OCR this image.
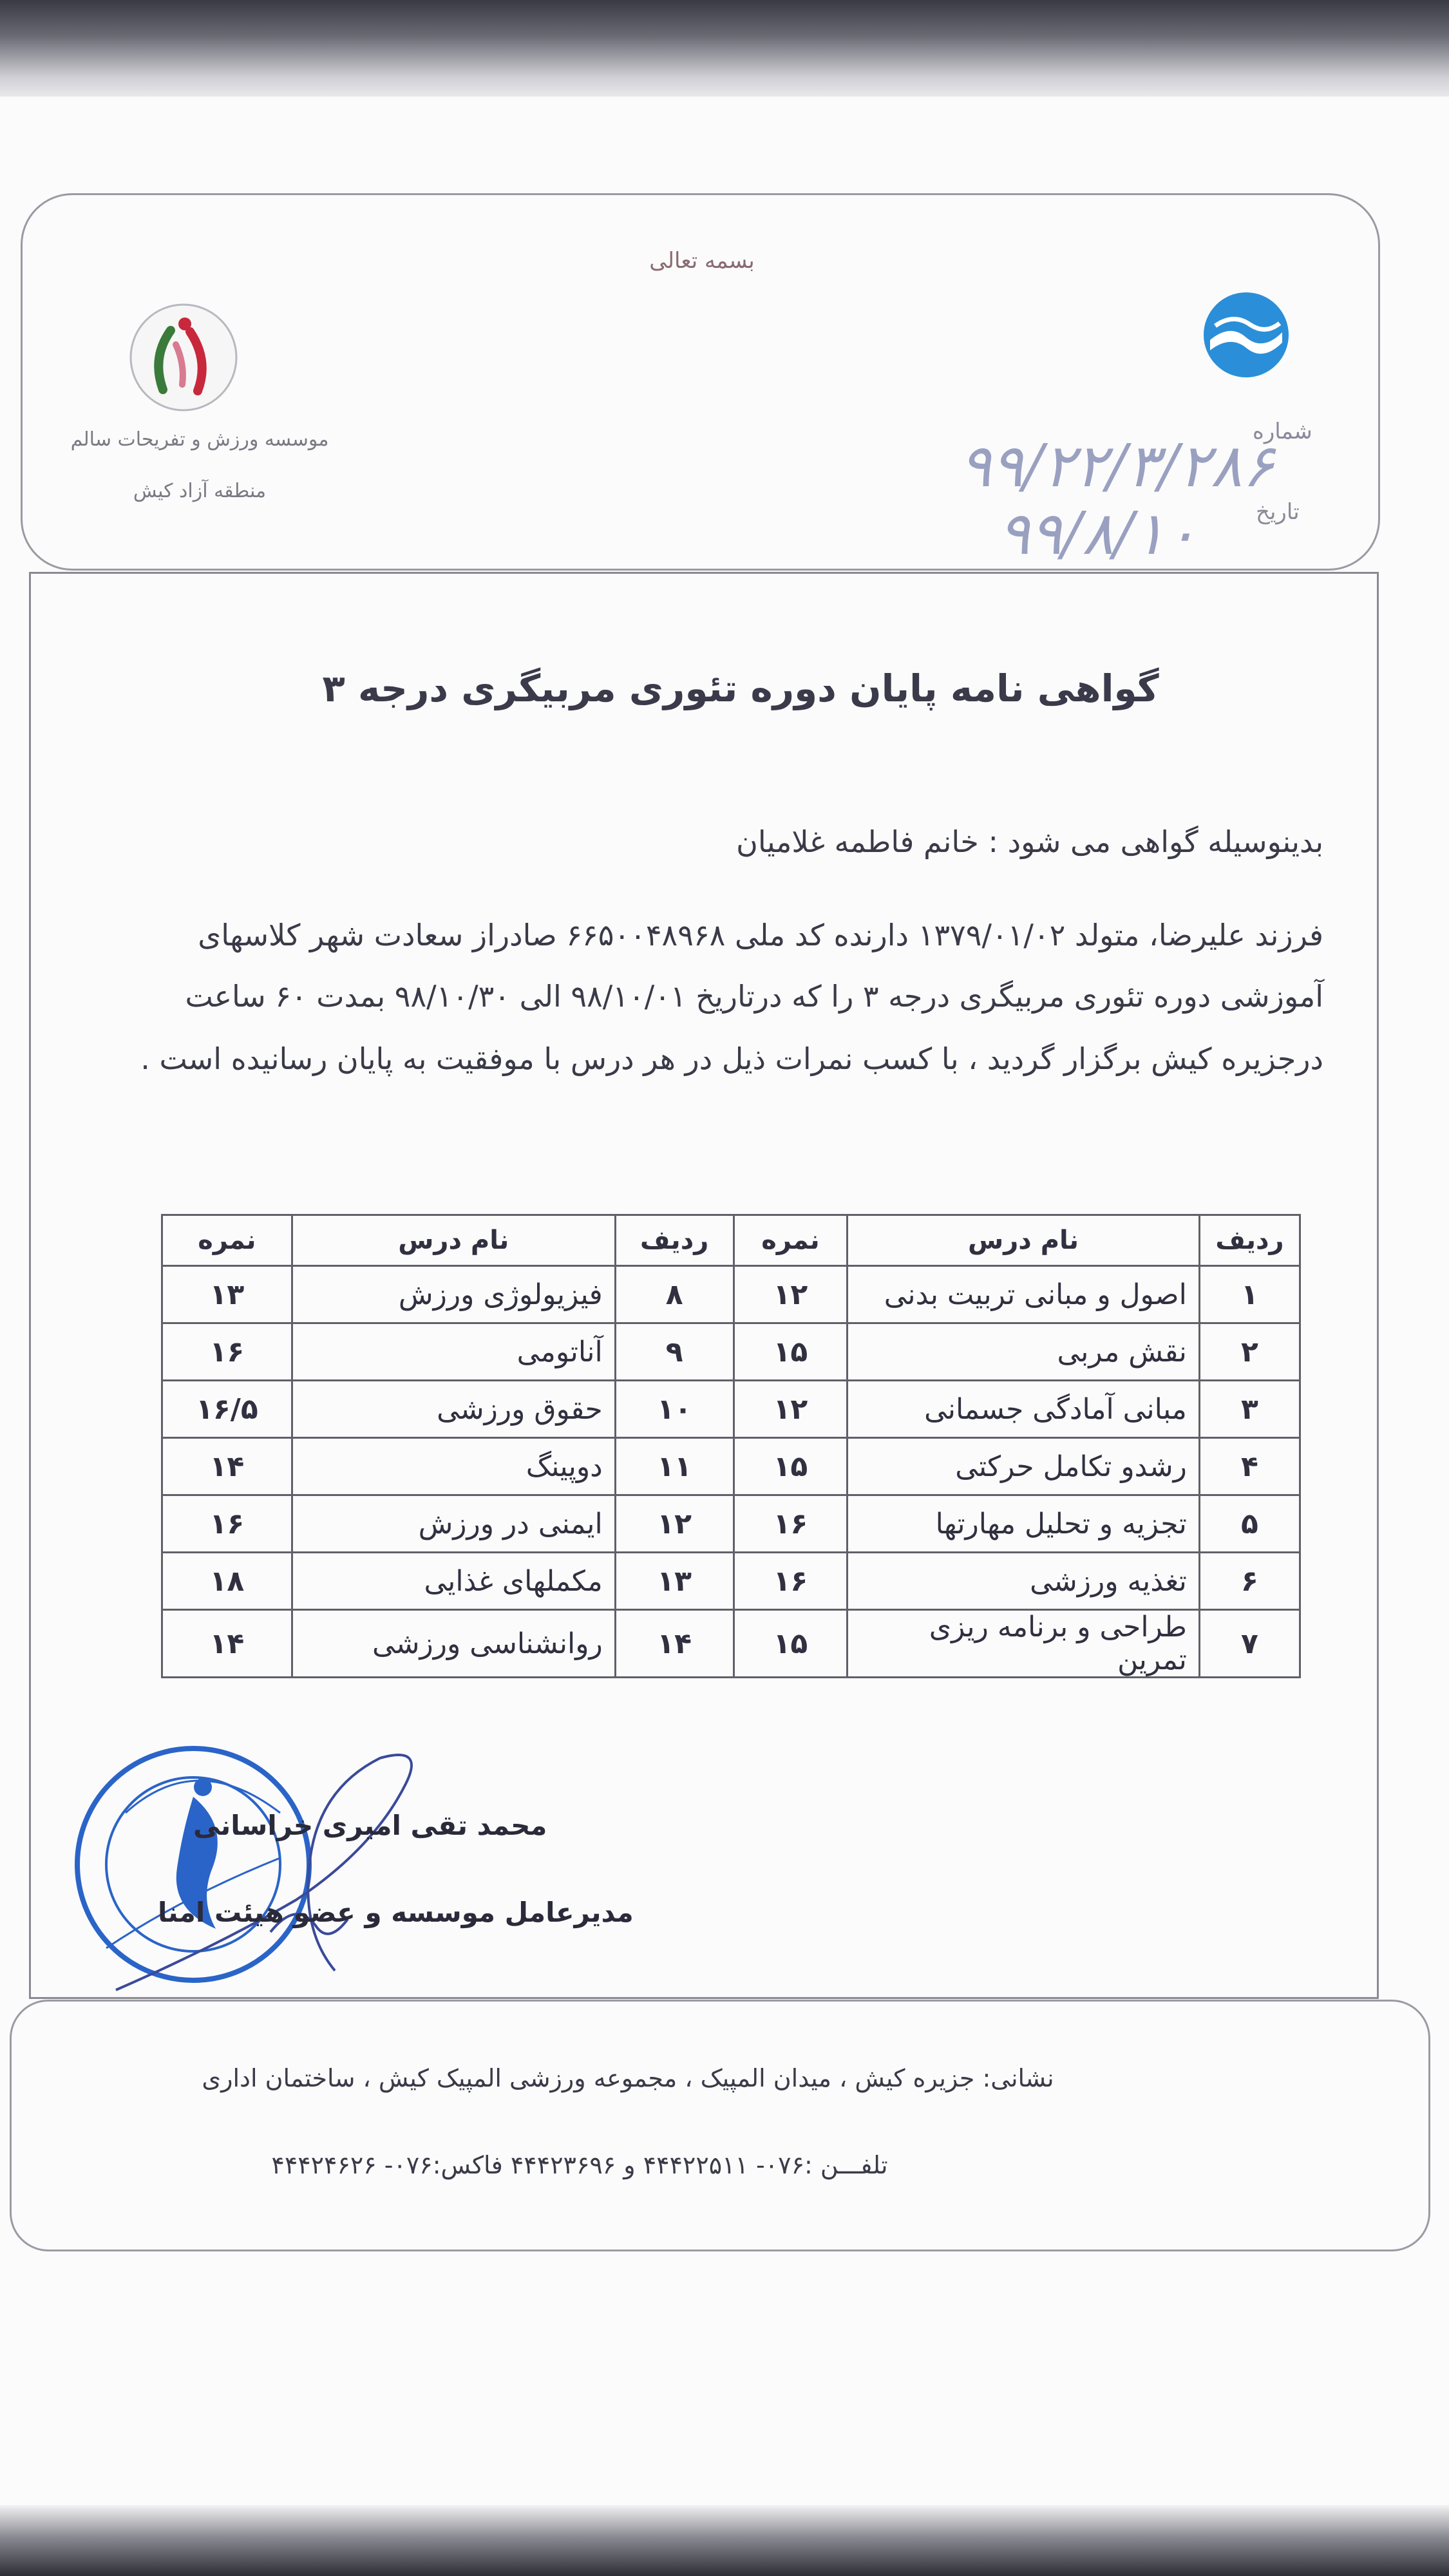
بسمه تعالی
موسسه ورزش و تفریحات سالم
منطقه آزاد کیش
شماره
۹۹/۲۲/۳/۲۸۶
تاریخ
۹۹/۸/۱۰
گواهی نامه پایان دوره تئوری مربیگری درجه ۳
بدینوسیله گواهی می شود : خانم فاطمه غلامیان
فرزند علیرضا، متولد ۱۳۷۹/۰۱/۰۲ دارنده کد ملی ۶۶۵۰۰۴۸۹۶۸ صادراز سعادت شهر کلاسهای
آموزشی دوره تئوری مربیگری درجه ۳ را که درتاریخ ۹۸/۱۰/۰۱ الی ۹۸/۱۰/۳۰ بمدت ۶۰ ساعت
درجزیره کیش برگزار گردید ، با کسب نمرات ذیل در هر درس با موفقیت به پایان رسانیده است .
ردیف	نام درس	نمره	ردیف	نام درس	نمره
۱	اصول و مبانی تربیت بدنی	۱۲	۸	فیزیولوژی ورزش	۱۳
۲	نقش مربی	۱۵	۹	آناتومی	۱۶
۳	مبانی آمادگی جسمانی	۱۲	۱۰	حقوق ورزشی	۱۶/۵
۴	رشدو تکامل حرکتی	۱۵	۱۱	دوپینگ	۱۴
۵	تجزیه و تحلیل مهارتها	۱۶	۱۲	ایمنی در ورزش	۱۶
۶	تغذیه ورزشی	۱۶	۱۳	مکملهای غذایی	۱۸
۷	طراحی و برنامه ریزی تمرین	۱۵	۱۴	روانشناسی ورزشی	۱۴
محمد تقی امیری خراسانی
مدیرعامل موسسه و عضو هیئت امنا
نشانی: جزیره کیش ، میدان المپیک ، مجموعه ورزشی المپیک کیش ، ساختمان اداری
تلفـــن :۰۷۶- ۴۴۴۲۲۵۱۱ و ۴۴۴۲۳۶۹۶ فاکس:۰۷۶- ۴۴۴۲۴۶۲۶
